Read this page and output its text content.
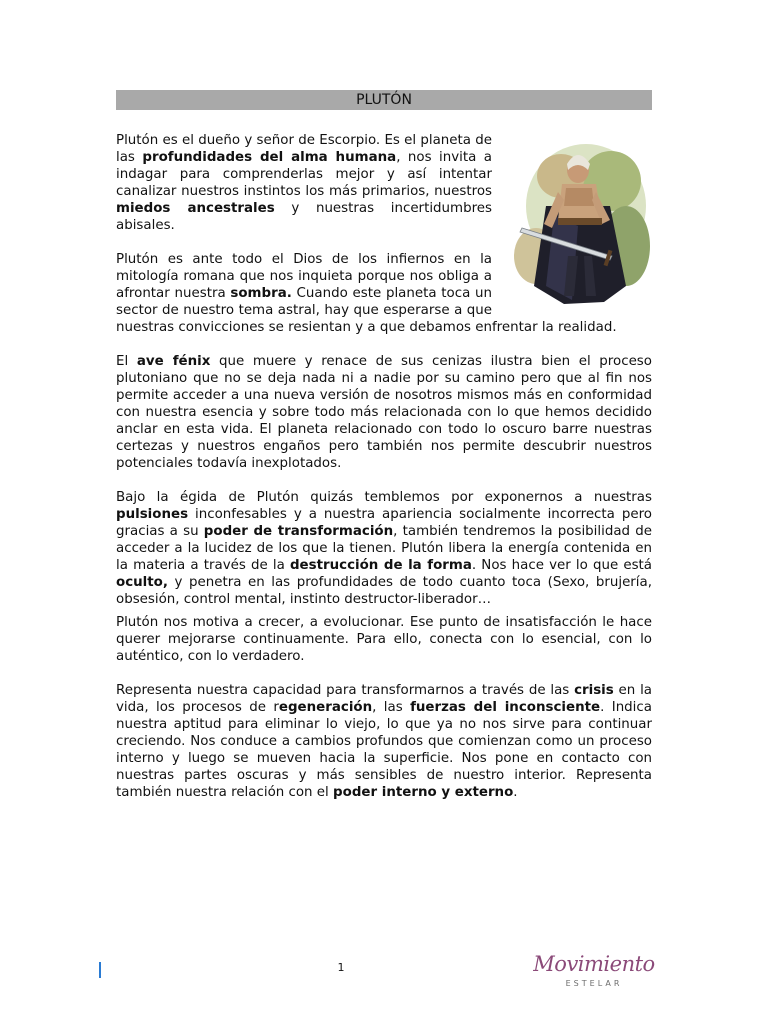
PLUTÓN

Plutón es el dueño y señor de Escorpio. Es el planeta de las profundidades del alma humana, nos invita a indagar para comprenderlas mejor y así intentar canalizar nuestros instintos los más primarios, nuestros miedos ancestrales y nuestras incertidumbres abisales.

Plutón es ante todo el Dios de los infiernos en la mitología romana que nos inquieta porque nos obliga a afrontar nuestra sombra. Cuando este planeta toca un sector de nuestro tema astral, hay que esperarse a que nuestras convicciones se resientan y a que debamos enfrentar la realidad.

El ave fénix que muere y renace de sus cenizas ilustra bien el proceso plutoniano que no se deja nada ni a nadie por su camino pero que al fin nos permite acceder a una nueva versión de nosotros mismos más en conformidad con nuestra esencia y sobre todo más relacionada con lo que hemos decidido anclar en esta vida. El planeta relacionado con todo lo oscuro barre nuestras certezas y nuestros engaños pero también nos permite descubrir nuestros potenciales todavía inexplotados.

Bajo la égida de Plutón quizás temblemos por exponernos a nuestras pulsiones inconfesables y a nuestra apariencia socialmente incorrecta pero gracias a su poder de transformación, también tendremos la posibilidad de acceder a la lucidez de los que la tienen. Plutón libera la energía contenida en la materia a través de la destrucción de la forma. Nos hace ver lo que está oculto, y penetra en las profundidades de todo cuanto toca (Sexo, brujería, obsesión, control mental, instinto destructor-liberador…

Plutón nos motiva a crecer, a evolucionar. Ese punto de insatisfacción le hace querer mejorarse continuamente. Para ello, conecta con lo esencial, con lo auténtico, con lo verdadero.

Representa nuestra capacidad para transformarnos a través de las crisis en la vida, los procesos de regeneración, las fuerzas del inconsciente. Indica nuestra aptitud para eliminar lo viejo, lo que ya no nos sirve para continuar creciendo. Nos conduce a cambios profundos que comienzan como un proceso interno y luego se mueven hacia la superficie. Nos pone en contacto con nuestras partes oscuras y más sensibles de nuestro interior. Representa también nuestra relación con el poder interno y externo.

1	Movimiento
ESTELAR
